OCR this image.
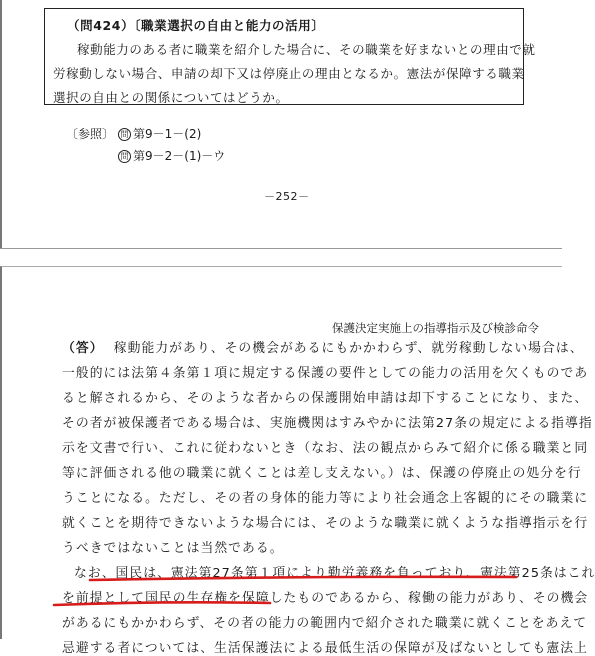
（問424）〔職業選択の自由と能力の活用〕
稼動能力のある者に職業を紹介した場合に、その職業を好まないとの理由で就
労稼動しない場合、申請の却下又は停廃止の理由となるか。憲法が保障する職業
選択の自由との関係についてはどうか。
〔参照〕 問 第9－1－(2)
問 第9－2－(1)－ウ
－252－
保護決定実施上の指導指示及び検診命令
（答） 稼動能力があり、その機会があるにもかかわらず、就労稼動しない場合は、
一般的には法第４条第１項に規定する保護の要件としての能力の活用を欠くものであ
ると解されるから、そのような者からの保護開始申請は却下することになり、また、
その者が被保護者である場合は、実施機関はすみやかに法第27条の規定による指導指
示を文書で行い、これに従わないとき（なお、法の観点からみて紹介に係る職業と同
等に評価される他の職業に就くことは差し支えない。）は、保護の停廃止の処分を行
うことになる。ただし、その者の身体的能力等により社会通念上客観的にその職業に
就くことを期待できないような場合には、そのような職業に就くような指導指示を行
うべきではないことは当然である。
なお、国民は、憲法第27条第１項により勤労義務を負っており、憲法第25条はこれ
を前提として国民の生存権を保障したものであるから、稼働の能力があり、その機会
があるにもかかわらず、その者の能力の範囲内で紹介された職業に就くことをあえて
忌避する者については、生活保護法による最低生活の保障が及ばないとしても憲法上
